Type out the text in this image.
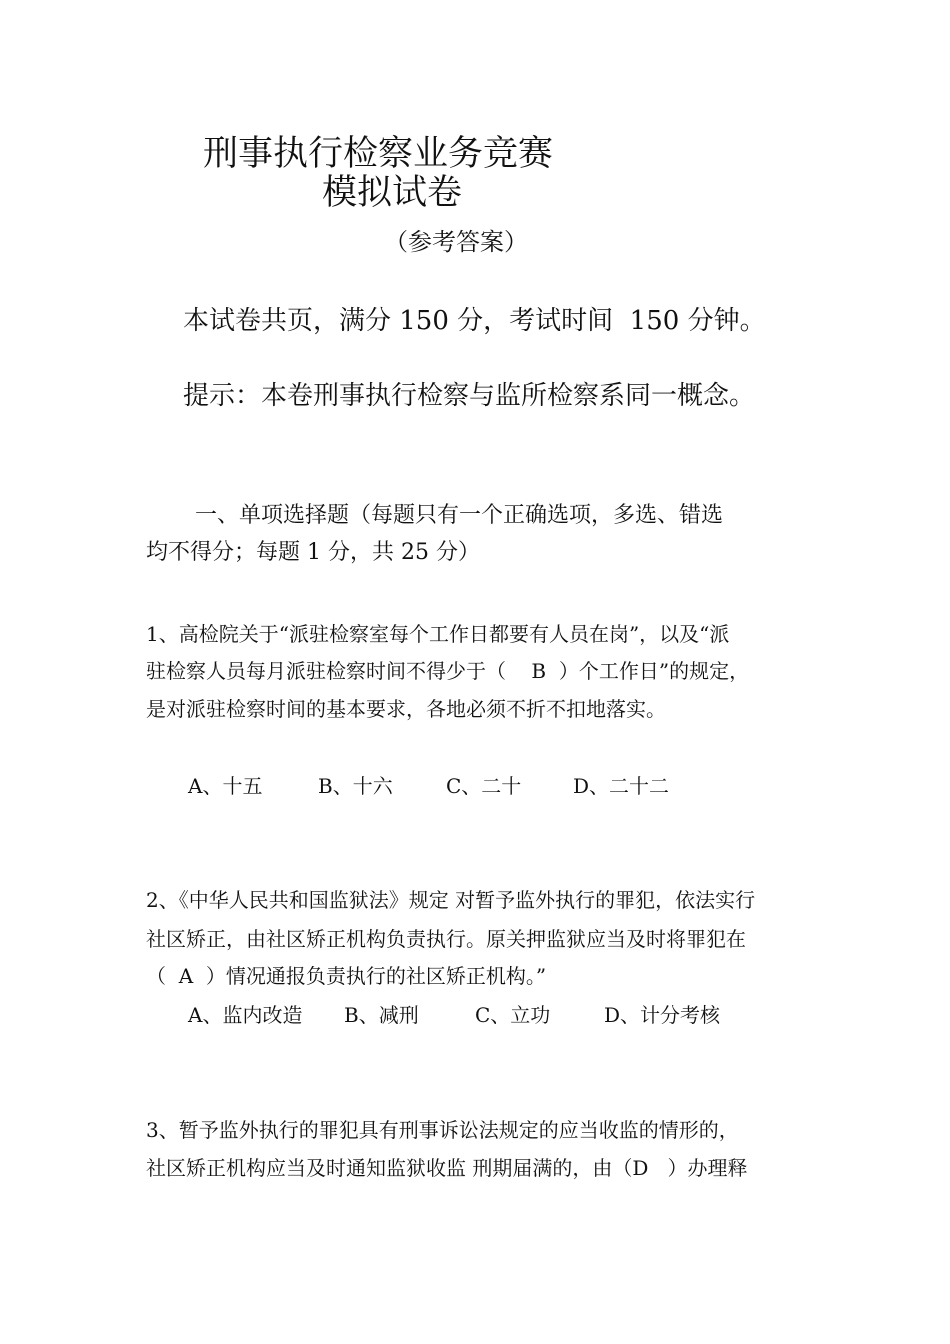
刑事执行检察业务竞赛
模拟试卷
（参考答案）
本试卷共页，满分 150 分，考试时间  150 分钟。
提示：本卷刑事执行检察与监所检察系同一概念。
一、单项选择题（每题只有一个正确选项，多选、错选
均不得分；每题 1 分，共 25 分）
1、高检院关于“派驻检察室每个工作日都要有人员在岗”，以及“派
驻检察人员每月派驻检察时间不得少于（    B  ）个工作日”的规定，
是对派驻检察时间的基本要求，各地必须不折不扣地落实。
A、十五	B、十六	C、二十	D、二十二
2、《中华人民共和国监狱法》规定 对暂予监外执行的罪犯，依法实行
社区矫正，由社区矫正机构负责执行。原关押监狱应当及时将罪犯在
（  A  ）情况通报负责执行的社区矫正机构。”
A、监内改造 B、减刑	C、立功	D、计分考核
3、暂予监外执行的罪犯具有刑事诉讼法规定的应当收监的情形的，
社区矫正机构应当及时通知监狱收监 刑期届满的，由（D   ）办理释
